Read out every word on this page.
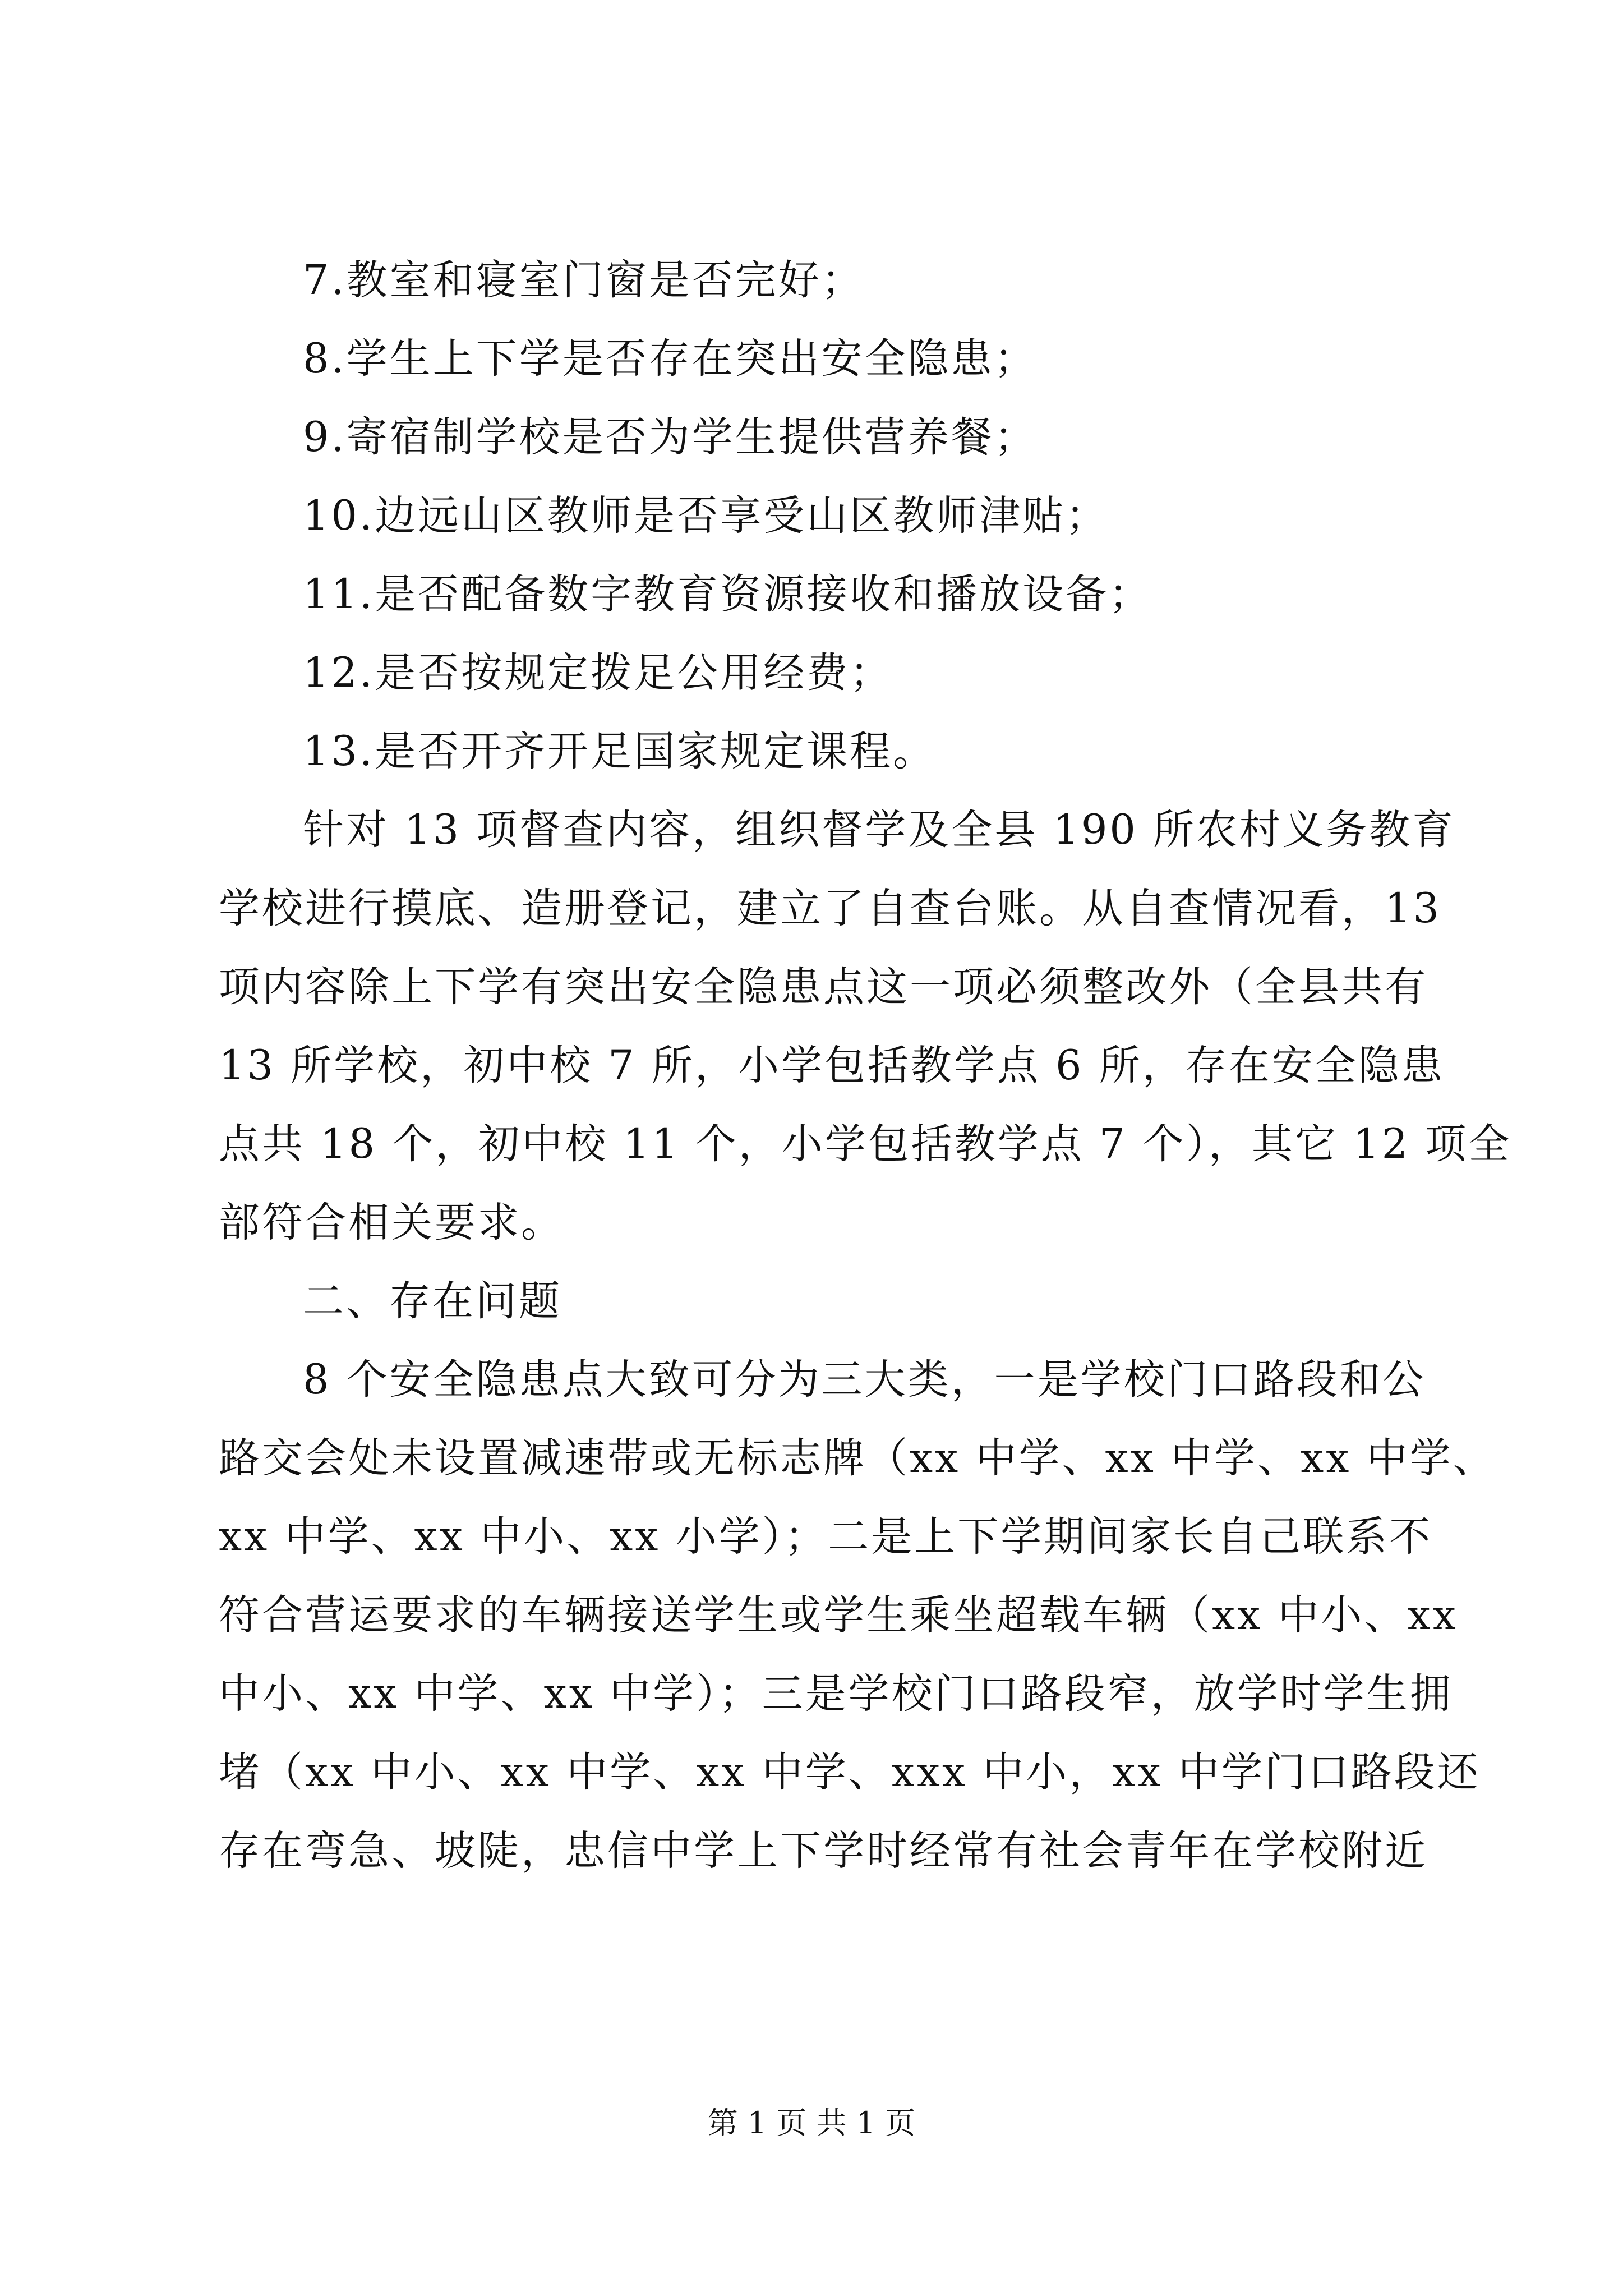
7.教室和寝室门窗是否完好；
8.学生上下学是否存在突出安全隐患；
9.寄宿制学校是否为学生提供营养餐；
10.边远山区教师是否享受山区教师津贴；
11.是否配备数字教育资源接收和播放设备；
12.是否按规定拨足公用经费；
13.是否开齐开足国家规定课程。
针对 13 项督查内容，组织督学及全县 190 所农村义务教育
学校进行摸底、造册登记，建立了自查台账。从自查情况看，13
项内容除上下学有突出安全隐患点这一项必须整改外（全县共有
13 所学校，初中校 7 所，小学包括教学点 6 所，存在安全隐患
点共 18 个，初中校 11 个，小学包括教学点 7 个），其它 12 项全
部符合相关要求。
二、存在问题
8 个安全隐患点大致可分为三大类，一是学校门口路段和公
路交会处未设置减速带或无标志牌（xx 中学、xx 中学、xx 中学、
xx 中学、xx 中小、xx 小学）；二是上下学期间家长自己联系不
符合营运要求的车辆接送学生或学生乘坐超载车辆（xx 中小、xx
中小、xx 中学、xx 中学）；三是学校门口路段窄，放学时学生拥
堵（xx 中小、xx 中学、xx 中学、xxx 中小，xx 中学门口路段还
存在弯急、坡陡，忠信中学上下学时经常有社会青年在学校附近
第 1 页 共 1 页
